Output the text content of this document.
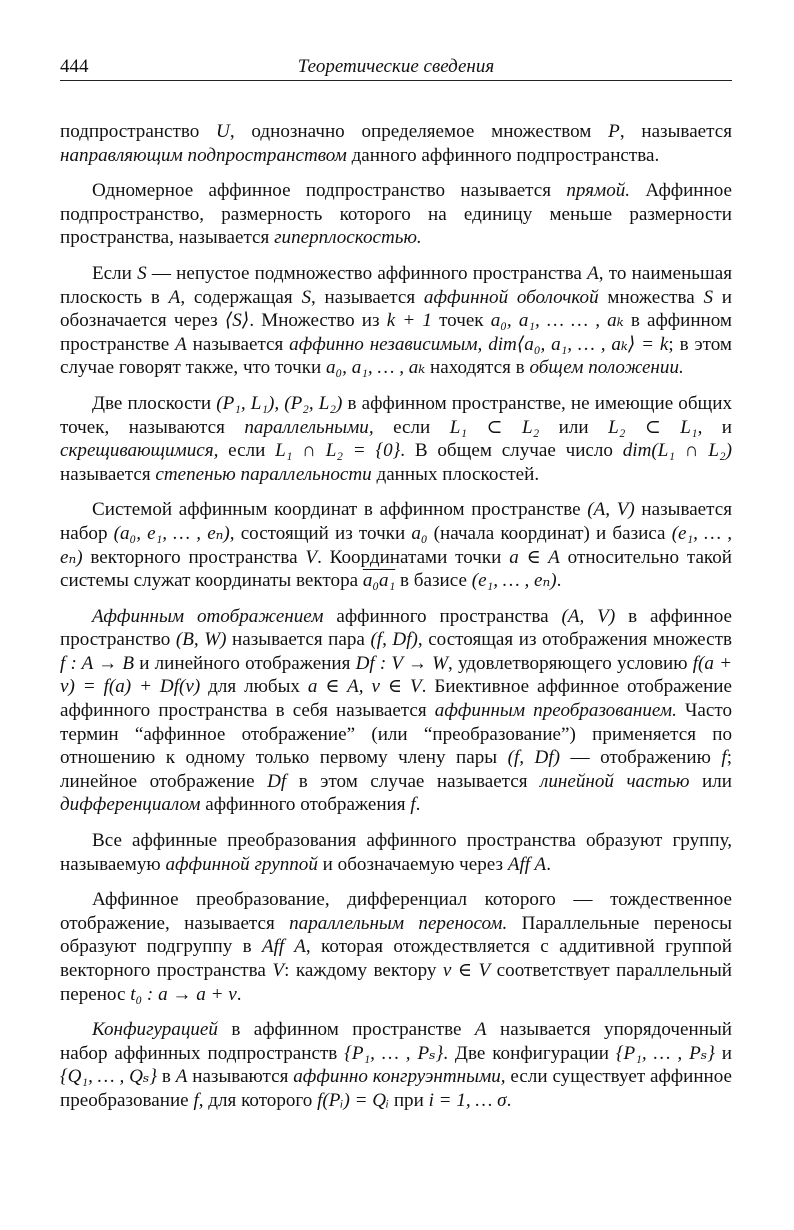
444	Теоретические сведения

подпространство U, однозначно определяемое множеством P, называется направляющим подпространством данного аффинного подпространства.

Одномерное аффинное подпространство называется прямой. Аффинное подпространство, размерность которого на единицу меньше размерности пространства, называется гиперплоскостью.

Если S — непустое подмножество аффинного пространства A, то наименьшая плоскость в A, содержащая S, называется аффинной оболочкой множества S и обозначается через ⟨S⟩. Множество из k + 1 точек a₀, a₁, … … , aₖ в аффинном пространстве A называется аффинно независимым, dim⟨a₀, a₁, … , aₖ⟩ = k; в этом случае говорят также, что точки a₀, a₁, … , aₖ находятся в общем положении.

Две плоскости (P₁, L₁), (P₂, L₂) в аффинном пространстве, не имеющие общих точек, называются параллельными, если L₁ ⊂ L₂ или L₂ ⊂ L₁, и скрещивающимися, если L₁ ∩ L₂ = {0}. В общем случае число dim(L₁ ∩ L₂) называется степенью параллельности данных плоскостей.

Системой аффинным координат в аффинном пространстве (A, V) называется набор (a₀, e₁, … , eₙ), состоящий из точки a₀ (начала координат) и базиса (e₁, … , eₙ) векторного пространства V. Координатами точки a ∈ A относительно такой системы служат координаты вектора a₀a₁ в базисе (e₁, … , eₙ).

Аффинным отображением аффинного пространства (A, V) в аффинное пространство (B, W) называется пара (f, Df), состоящая из отображения множеств f : A → B и линейного отображения Df : V → W, удовлетворяющего условию f(a + v) = f(a) + Df(v) для любых a ∈ A, v ∈ V. Биективное аффинное отображение аффинного пространства в себя называется аффинным преобразованием. Часто термин “аффинное отображение” (или “преобразование”) применяется по отношению к одному только первому члену пары (f, Df) — отображению f; линейное отображение Df в этом случае называется линейной частью или дифференциалом аффинного отображения f.

Все аффинные преобразования аффинного пространства образуют группу, называемую аффинной группой и обозначаемую через Aff A.

Аффинное преобразование, дифференциал которого — тождественное отображение, называется параллельным переносом. Параллельные переносы образуют подгруппу в Aff A, которая отождествляется с аддитивной группой векторного пространства V: каждому вектору v ∈ V соответствует параллельный перенос t₀ : a → a + v.

Конфигурацией в аффинном пространстве A называется упорядоченный набор аффинных подпространств {P₁, … , Pₛ}. Две конфигурации {P₁, … , Pₛ} и {Q₁, … , Qₛ} в A называются аффинно конгруэнтными, если существует аффинное преобразование f, для которого f(Pᵢ) = Qᵢ при i = 1, … σ.
